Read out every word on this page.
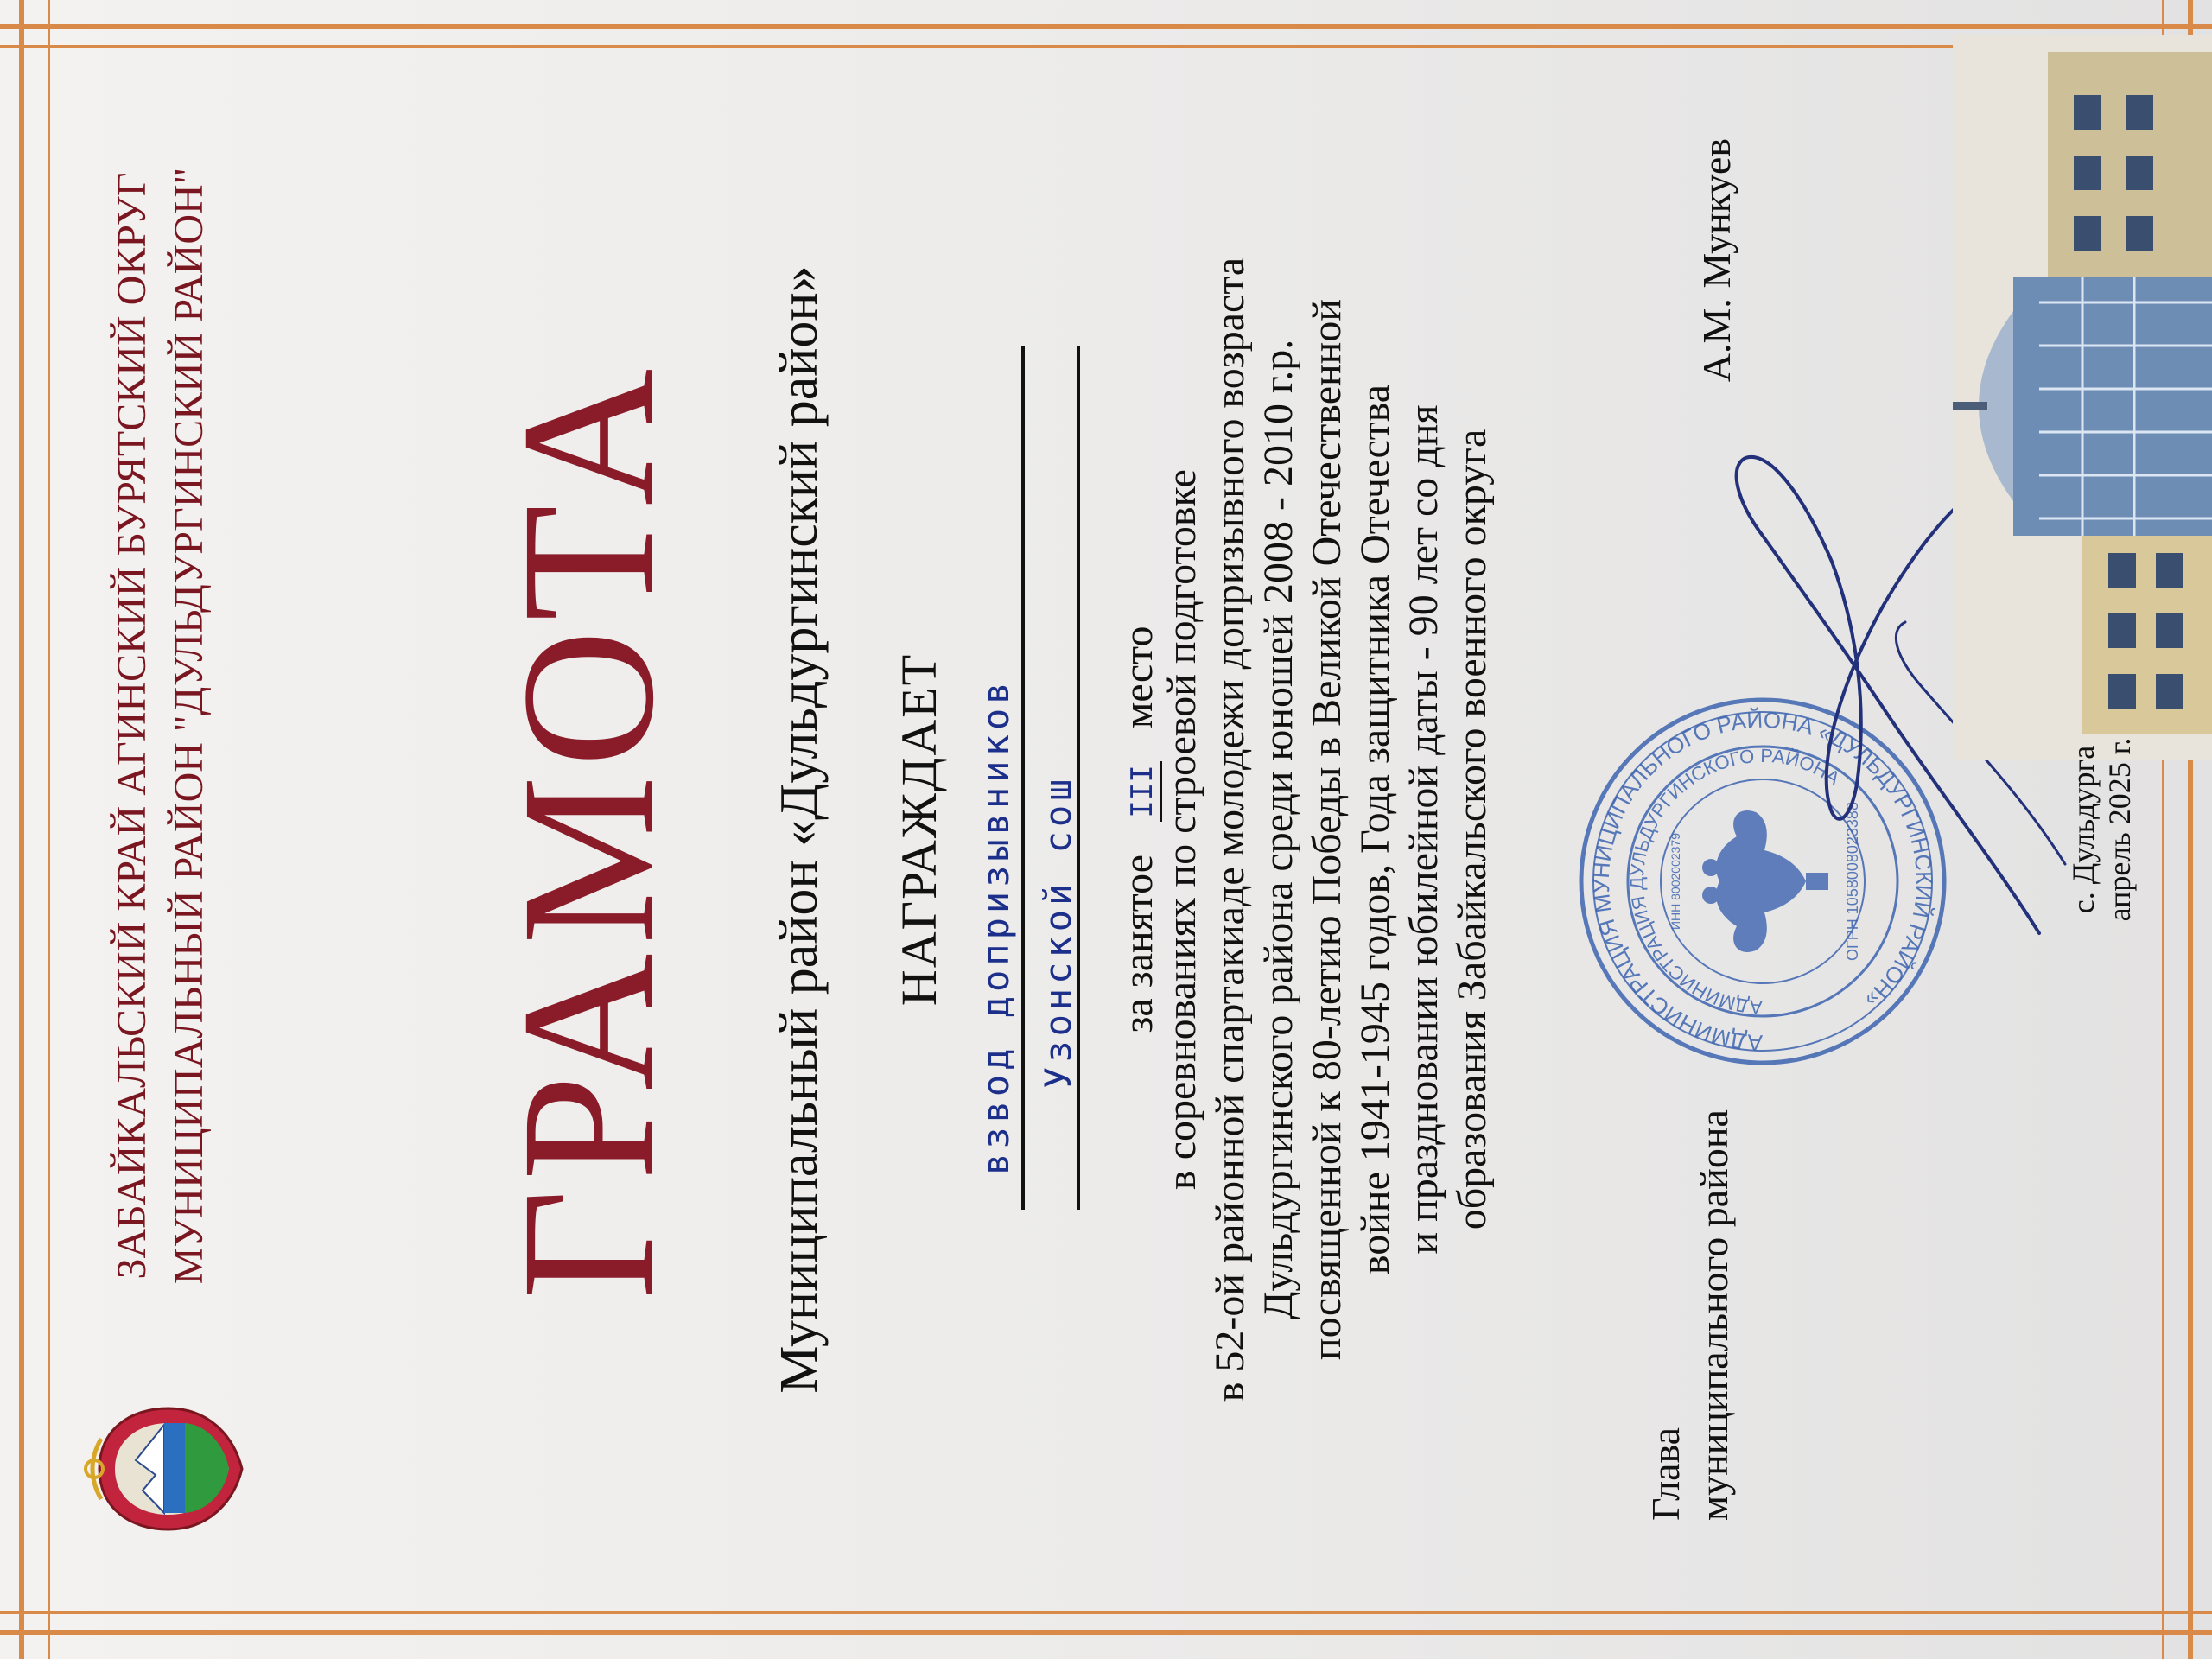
ЗАБАЙКАЛЬСКИЙ КРАЙ АГИНСКИЙ БУРЯТСКИЙ ОКРУГ МУНИЦИПАЛЬНЫЙ РАЙОН "ДУЛЬДУРГИНСКИЙ РАЙОН" ГРАМОТА Муниципальный район «Дульдургинский район» НАГРАЖДАЕТ взвод допризывников Узонской сош за занятое III место
в соревнованиях по строевой подготовке в 52-ой районной спартакиаде молодежи допризывного возраста Дульдургинского района среди юношей 2008 - 2010 г.р. посвященной к 80-летию Победы в Великой Отечественной войне 1941-1945 годов, Года защитника Отечества и праздновании юбилейной даты - 90 лет со дня образования Забайкальского военного округа
Глава муниципального района
А.М. Мункуев
АДМИНИСТРАЦИЯ МУНИЦИПАЛЬНОГО РАЙОНА «ДУЛЬДУРГИНСКИЙ РАЙОН»
АДМИНИСТРАЦИЯ ДУЛЬДУРГИНСКОГО РАЙОНА
ОГРН 1058008023388
ИНН 8002002379	с. Дульдурга апрель 2025 г.
